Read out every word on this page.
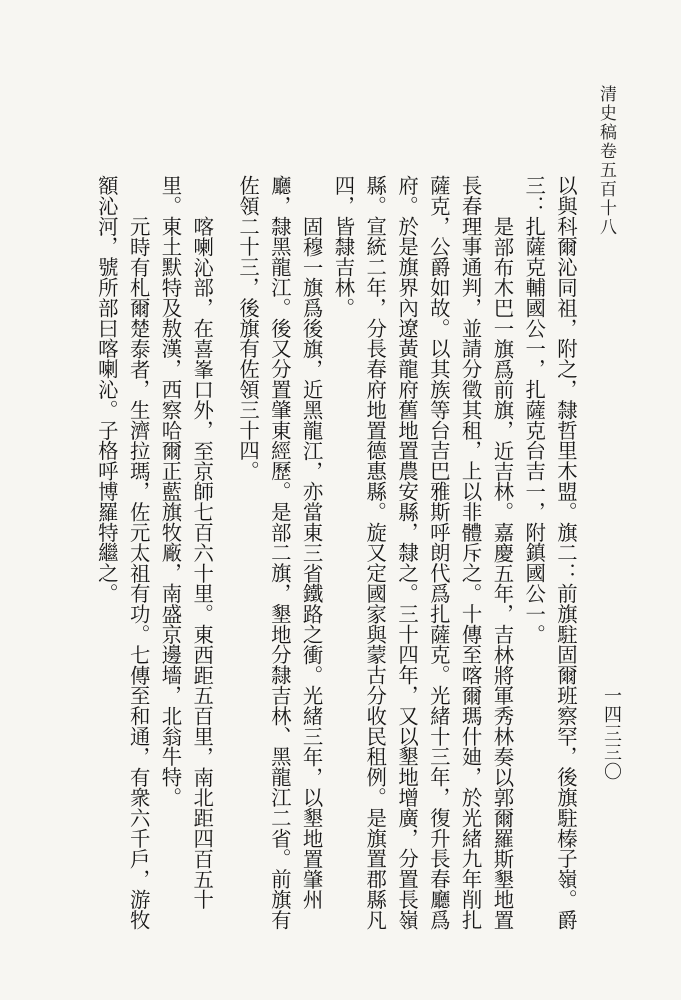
清史稿卷五百十八
一四三三〇

以與科爾沁同祖，附之，隸哲里木盟。旗二：前旗駐固爾班察罕，後旗駐榛子嶺。爵三：扎薩克輔國公一，扎薩克台吉一，附鎮國公一。

是部布木巴一旗爲前旗，近吉林。嘉慶五年，吉林將軍秀林奏以郭爾羅斯墾地置長春理事通判，並請分徵其租，上以非體斥之。十傳至喀爾瑪什廸，於光緒九年削扎薩克，公爵如故。以其族等台吉巴雅斯呼朗代爲扎薩克。光緒十三年，復升長春廳爲府。於是旗界內遼黃龍府舊地置農安縣，隸之。三十四年，又以墾地增廣，分置長嶺縣。宣統二年，分長春府地置德惠縣。旋又定國家與蒙古分收民租例。是旗置郡縣凡四，皆隸吉林。

固穆一旗爲後旗，近黑龍江，亦當東三省鐵路之衝。光緒三年，以墾地置肇州廳，隸黑龍江。後又分置肇東經歷。是部二旗，墾地分隸吉林、黑龍江二省。前旗有佐領二十三，後旗有佐領三十四。

喀喇沁部，在喜峯口外，至京師七百六十里。東西距五百里，南北距四百五十里。東土默特及敖漢，西察哈爾正藍旗牧廠，南盛京邊墻，北翁牛特。

元時有札爾楚泰者，生濟拉瑪，佐元太祖有功。七傳至和通，有衆六千戶，游牧額沁河，號所部曰喀喇沁。子格呼博羅特繼之。
